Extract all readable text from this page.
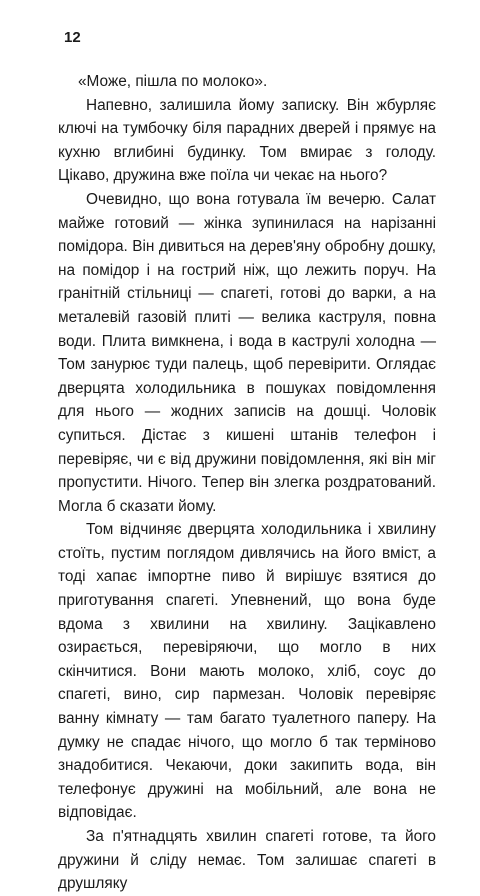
12

«Може, пішла по молоко».

Напевно, залишила йому записку. Він жбурляє ключі на тумбочку біля парадних дверей і прямує на кухню вглибині будинку. Том вмирає з голоду. Цікаво, дружина вже поїла чи чекає на нього?

Очевидно, що вона готувала їм вечерю. Салат майже готовий — жінка зупинилася на нарізанні помідора. Він дивиться на дерев'яну обробну дошку, на помідор і на гострий ніж, що лежить поруч. На гранітній стільниці — спагеті, готові до варки, а на металевій газовій плиті — велика каструля, повна води. Плита вимкнена, і вода в каструлі холодна — Том занурює туди палець, щоб перевірити. Оглядає дверцята холодильника в пошуках повідомлення для нього — жодних записів на дошці. Чоловік супиться. Дістає з кишені штанів телефон і перевіряє, чи є від дружини повідомлення, які він міг пропустити. Нічого. Тепер він злегка роздратований. Могла б сказати йому.

Том відчиняє дверцята холодильника і хвилину стоїть, пустим поглядом дивлячись на його вміст, а тоді хапає імпортне пиво й вирішує взятися до приготування спагеті. Упевнений, що вона буде вдома з хвилини на хвилину. Зацікавлено озирається, перевіряючи, що могло в них скінчитися. Вони мають молоко, хліб, соус до спагеті, вино, сир пармезан. Чоловік перевіряє ванну кімнату — там багато туалетного паперу. На думку не спадає нічого, що могло б так терміново знадобитися. Чекаючи, доки закипить вода, він телефонує дружині на мобільний, але вона не відповідає.

За п'ятнадцять хвилин спагеті готове, та його дружини й сліду немає. Том залишає спагеті в друшляку
